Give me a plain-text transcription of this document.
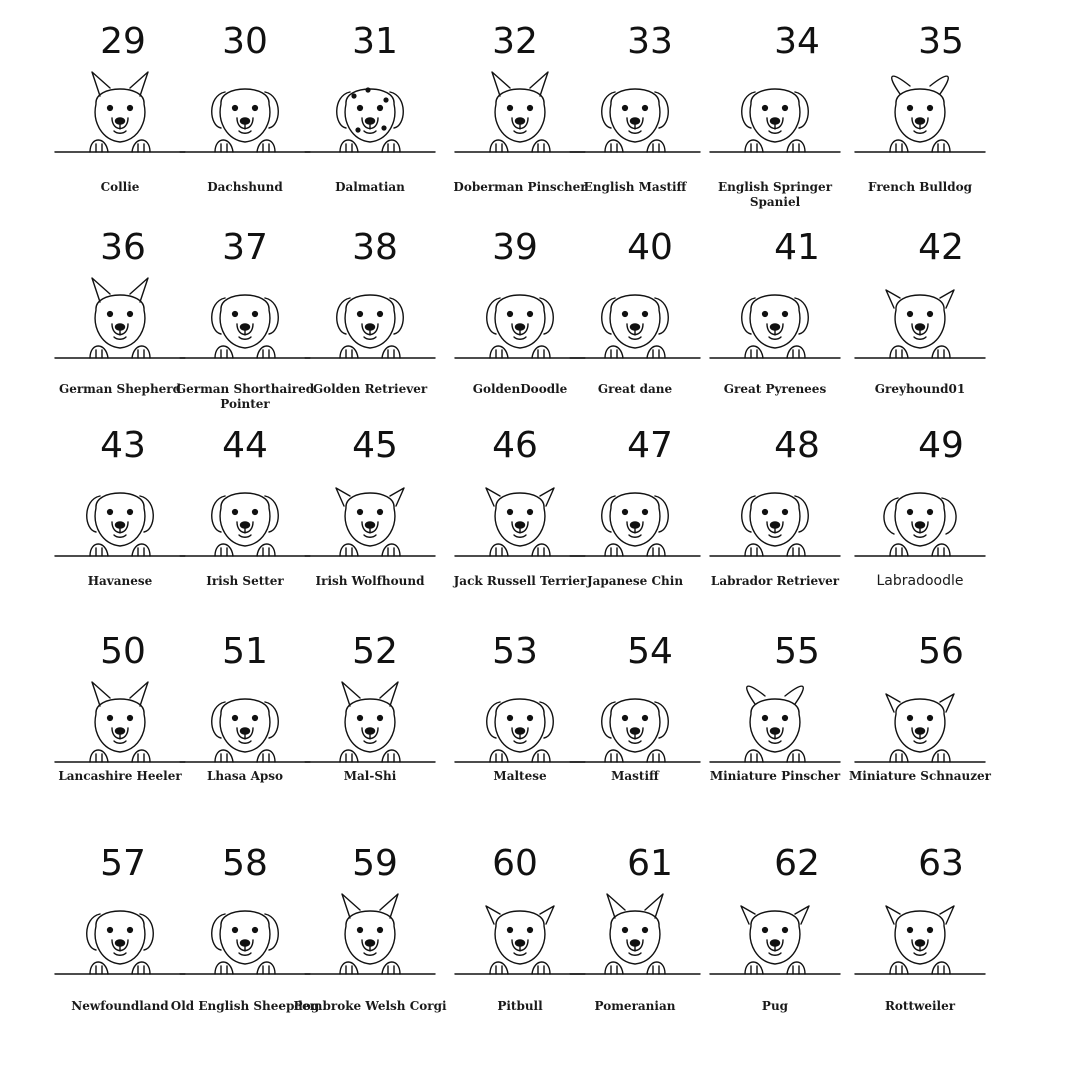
29
Collie
30
Dachshund
31
Dalmatian
32
Doberman Pinscher
33
English Mastiff
34
English Springer Spaniel
35
French Bulldog
36
German Shepherd
37
German Shorthaired Pointer
38
Golden Retriever
39
GoldenDoodle
40
Great dane
41
Great Pyrenees
42
Greyhound01
43
Havanese
44
Irish Setter
45
Irish Wolfhound
46
Jack Russell Terrier
47
Japanese Chin
48
Labrador Retriever
49
Labradoodle
50
Lancashire Heeler
51
Lhasa Apso
52
Mal-Shi
53
Maltese
54
Mastiff
55
Miniature Pinscher
56
Miniature Schnauzer
57
Newfoundland
58
Old English Sheepdog
59
Pembroke Welsh Corgi
60
Pitbull
61
Pomeranian
62
Pug
63
Rottweiler
